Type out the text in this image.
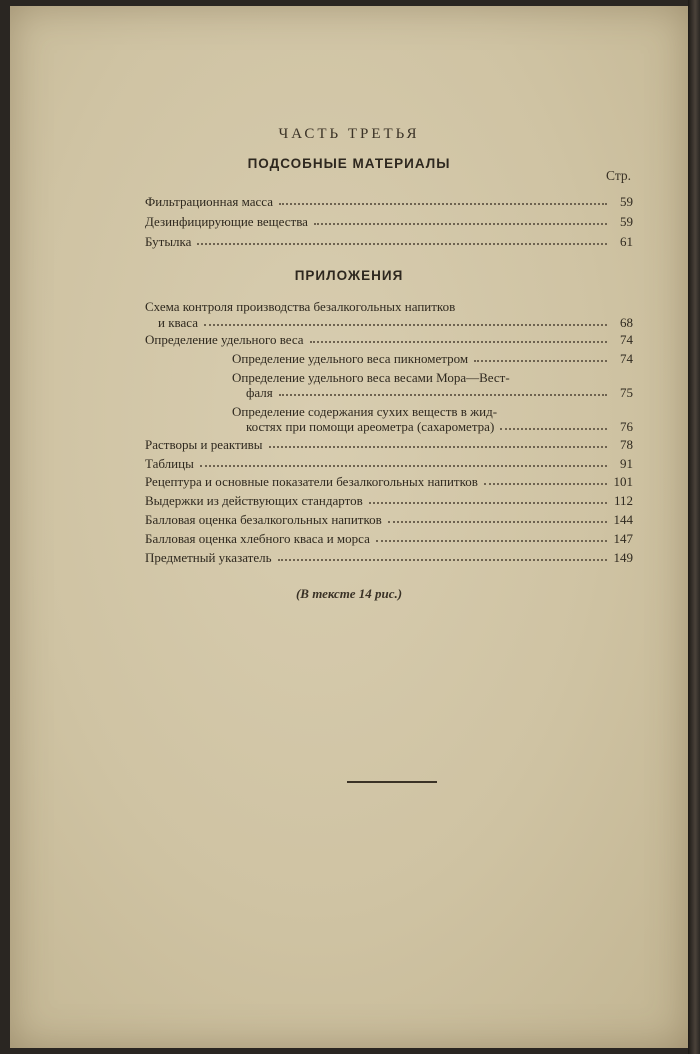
ЧАСТЬ ТРЕТЬЯ
ПОДСОБНЫЕ МАТЕРИАЛЫ
Стр.
Фильтрационная масса	59
Дезинфицирующие вещества	59
Бутылка	61
ПРИЛОЖЕНИЯ
Схема контроля производства безалкогольных напитков
и кваса	68
Определение удельного веса	74
Определение удельного веса пикнометром	74
Определение удельного веса весами Мора—Вест-
фаля	75
Определение содержания сухих веществ в жид-
костях при помощи ареометра (сахарометра)	76
Растворы и реактивы	78
Таблицы	91
Рецептура и основные показатели безалкогольных напитков	101
Выдержки из действующих стандартов	112
Балловая оценка безалкогольных напитков	144
Балловая оценка хлебного кваса и морса	147
Предметный указатель	149
(В тексте 14 рис.)
